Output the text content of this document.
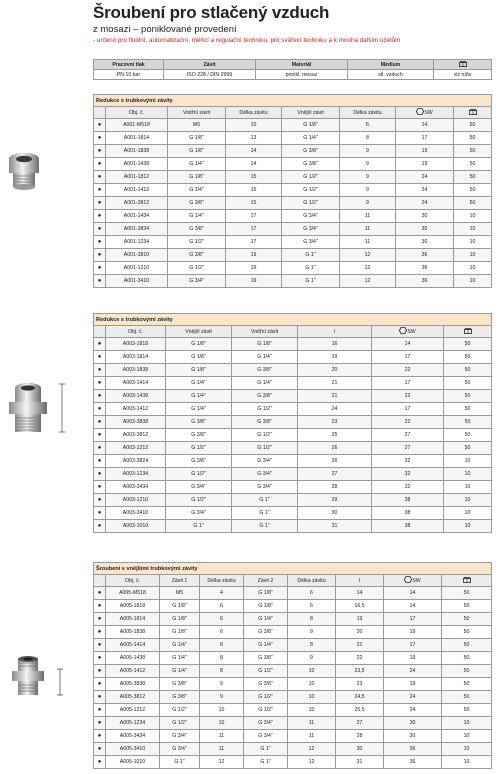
Šroubení pro stlačený vzduch
z mosazi – poniklované provedení
- určeno pro fluidní, automatizační, měřicí a regulační techniku, pro svářecí techniku a k mnoha dalším účelům
Pracovní tlak	Závit	Materiál	Médium	
PN 10 bar	ISO 228 / DIN 2999	ponikl. mosaz	stl. vzduch	viz níže
Redukce s trubkovými závity							
	Obj. č.	Vnitřní závit	Délka závitu	Vnější závit	Délka závitu	SW	
●	A001-M518	M5	10	G 1/8"	6	14	50
●	A001-1814	G 1/8"	13	G 1/4"	8	17	50
●	A001-1838	G 1/8"	14	G 3/8"	9	19	50
●	A001-1438	G 1/4"	14	G 3/8"	9	19	50
●	A001-1812	G 1/8"	15	G 1/2"	9	24	50
●	A001-1412	G 1/4"	15	G 1/2"	9	24	50
●	A001-3812	G 3/8"	15	G 1/2"	9	24	50
●	A001-1434	G 1/4"	17	G 3/4"	11	30	10
●	A001-3834	G 3/8"	17	G 3/4"	11	30	10
●	A001-1234	G 1/2"	17	G 3/4"	11	30	10
●	A001-3810	G 3/8"	19	G 1"	12	36	10
●	A001-1210	G 1/2"	19	G 1"	12	36	10
●	A001-3410	G 3/4"	19	G 1"	12	36	10
Redukce s trubkovými závity						
	Obj. č.	Vnější závit	Vnitřní závit	l	SW	
●	A003-1818	G 1/8"	G 1/8"	16	14	50
●	A003-1814	G 1/8"	G 1/4"	19	17	50
●	A003-1838	G 1/8"	G 3/8"	20	22	50
●	A003-1414	G 1/4"	G 1/4"	21	17	50
●	A003-1438	G 1/4"	G 3/8"	21	22	50
●	A003-1412	G 1/4"	G 1/2"	24	17	50
●	A003-3838	G 3/8"	G 3/8"	23	22	50
●	A003-3812	G 3/8"	G 1/2"	25	27	50
●	A003-1212	G 1/2"	G 1/2"	26	27	50
●	A003-3824	G 3/8"	G 3/4"	26	32	10
●	A003-1234	G 1/2"	G 3/4"	27	32	10
●	A003-3434	G 3/4"	G 3/4"	28	32	10
●	A003-1210	G 1/2"	G 1"	29	38	10
●	A003-3410	G 3/4"	G 1"	30	38	10
●	A003-1010	G 1"	G 1"	31	38	10
Šroubení s vnějšími trubkovými závity								
	Obj. č.	Závit 1	Délka závitu	Závit 2	Délka závitu	l	SW	
●	A005-M518	M5	4	G 1/8"	6	14	14	50
●	A005-1818	G 1/8"	6	G 1/8"	6	16,5	14	50
●	A005-1814	G 1/8"	6	G 1/4"	8	19	17	50
●	A005-1838	G 1/8"	6	G 3/8"	9	20	19	50
●	A005-1414	G 1/4"	8	G 1/4"	8	21	17	50
●	A005-1438	G 1/4"	8	G 3/8"	9	22	19	50
●	A005-1412	G 1/4"	8	G 1/2"	10	23,5	24	50
●	A005-3838	G 3/8"	9	G 3/8"	10	23	19	50
●	A005-3812	G 3/8"	9	G 1/2"	10	24,5	24	50
●	A005-1212	G 1/2"	10	G 1/2"	10	25,5	24	50
●	A005-1234	G 1/2"	10	G 3/4"	11	27	30	10
●	A005-3434	G 3/4"	11	G 3/4"	11	28	30	10
●	A005-3410	G 3/4"	11	G 1"	12	30	36	10
●	A005-1010	G 1"	12	G 1"	12	31	36	10
